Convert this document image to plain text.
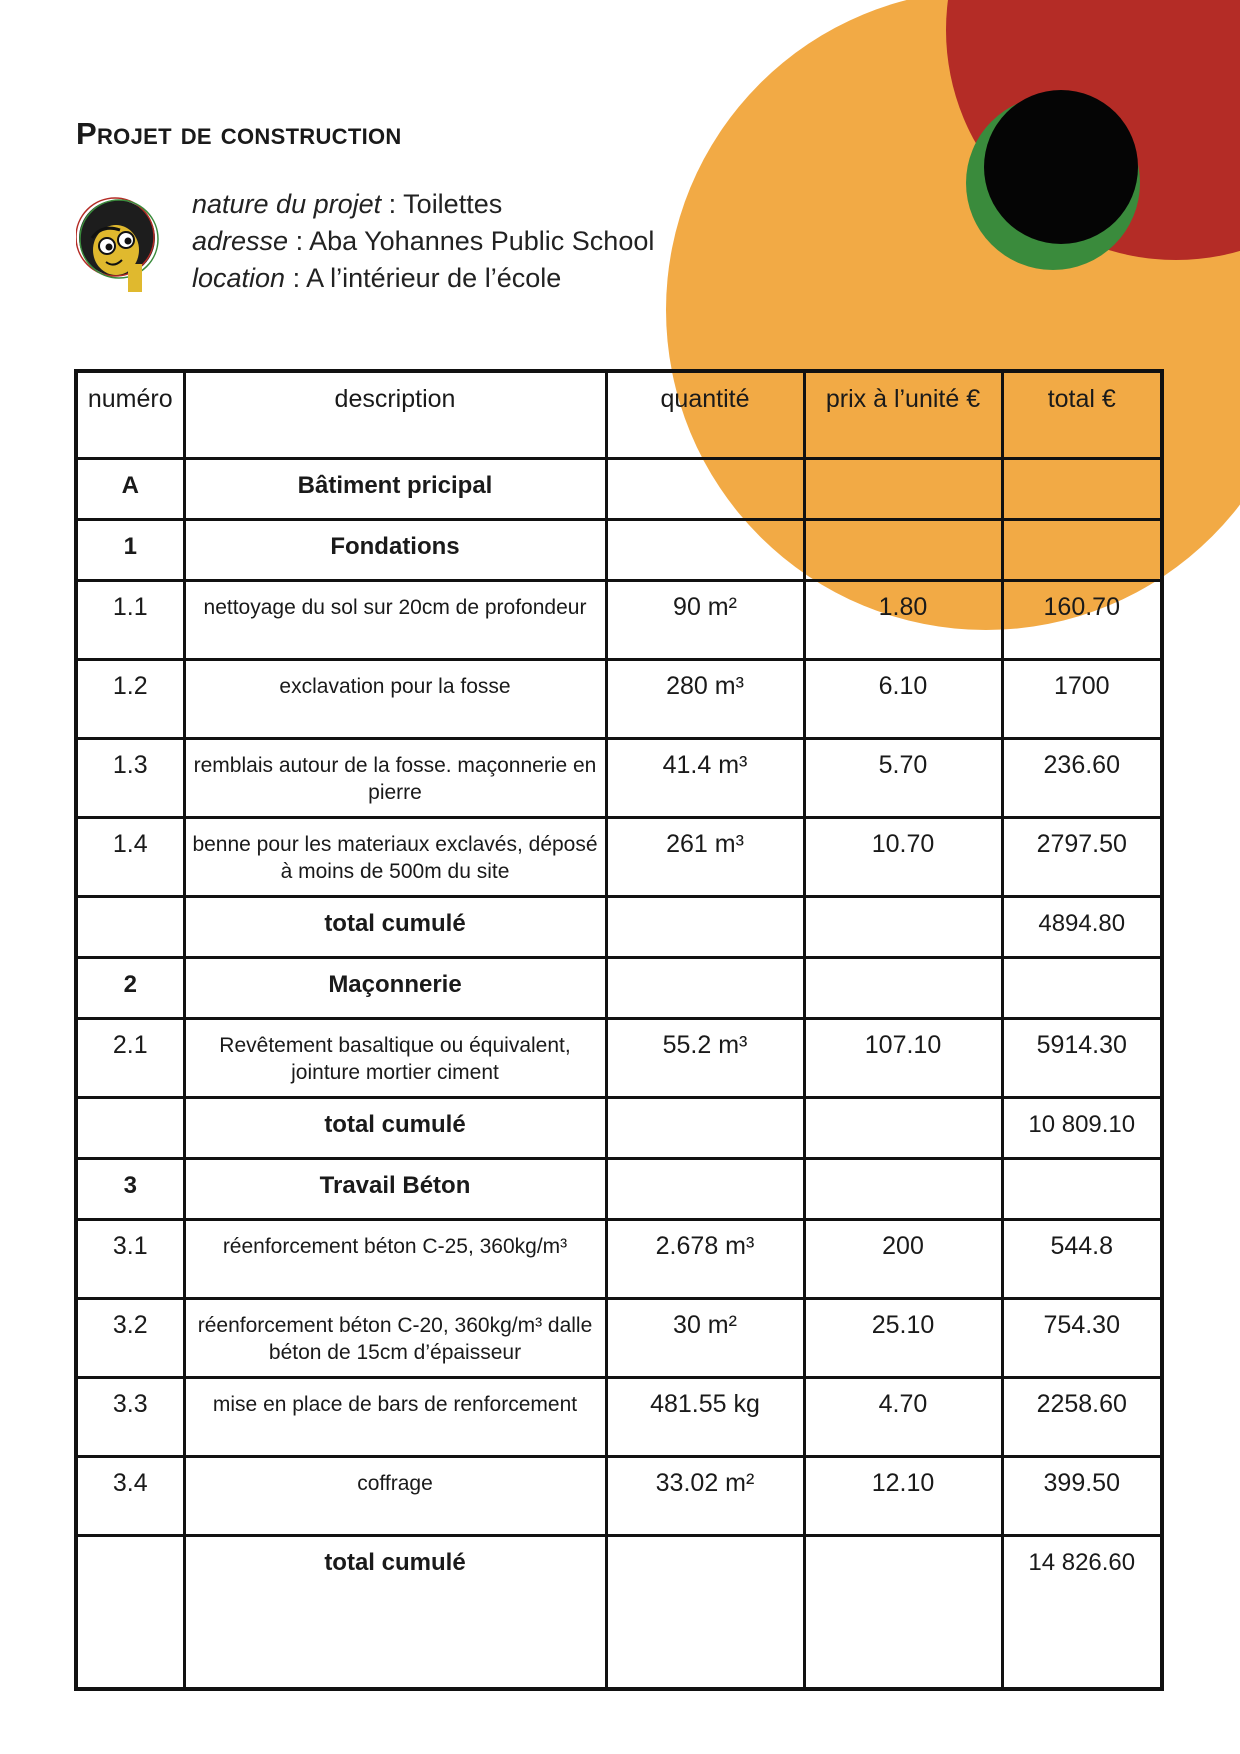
Projet de construction
nature du projet : Toilettes
adresse : Aba Yohannes Public School
location : A l’intérieur de l’école
numéro	description	quantité	prix à l’unité €	total €
A	Bâtiment pricipal			
1	Fondations			
1.1	nettoyage du sol sur 20cm de profondeur	90 m²	1.80	160.70
1.2	exclavation pour la fosse	280 m³	6.10	1700
1.3	remblais autour de la fosse. maçonnerie en pierre	41.4 m³	5.70	236.60
1.4	benne pour les materiaux exclavés, déposé à moins de 500m du site	261 m³	10.70	2797.50
	total cumulé			4894.80
2	Maçonnerie			
2.1	Revêtement basaltique ou équivalent, jointure mortier ciment	55.2 m³	107.10	5914.30
	total cumulé			10 809.10
3	Travail Béton			
3.1	réenforcement béton C-25, 360kg/m³	2.678 m³	200	544.8
3.2	réenforcement béton C-20, 360kg/m³ dalle béton de 15cm d’épaisseur	30 m²	25.10	754.30
3.3	mise en place de bars de renforcement	481.55 kg	4.70	2258.60
3.4	coffrage	33.02 m²	12.10	399.50
	total cumulé			14 826.60
